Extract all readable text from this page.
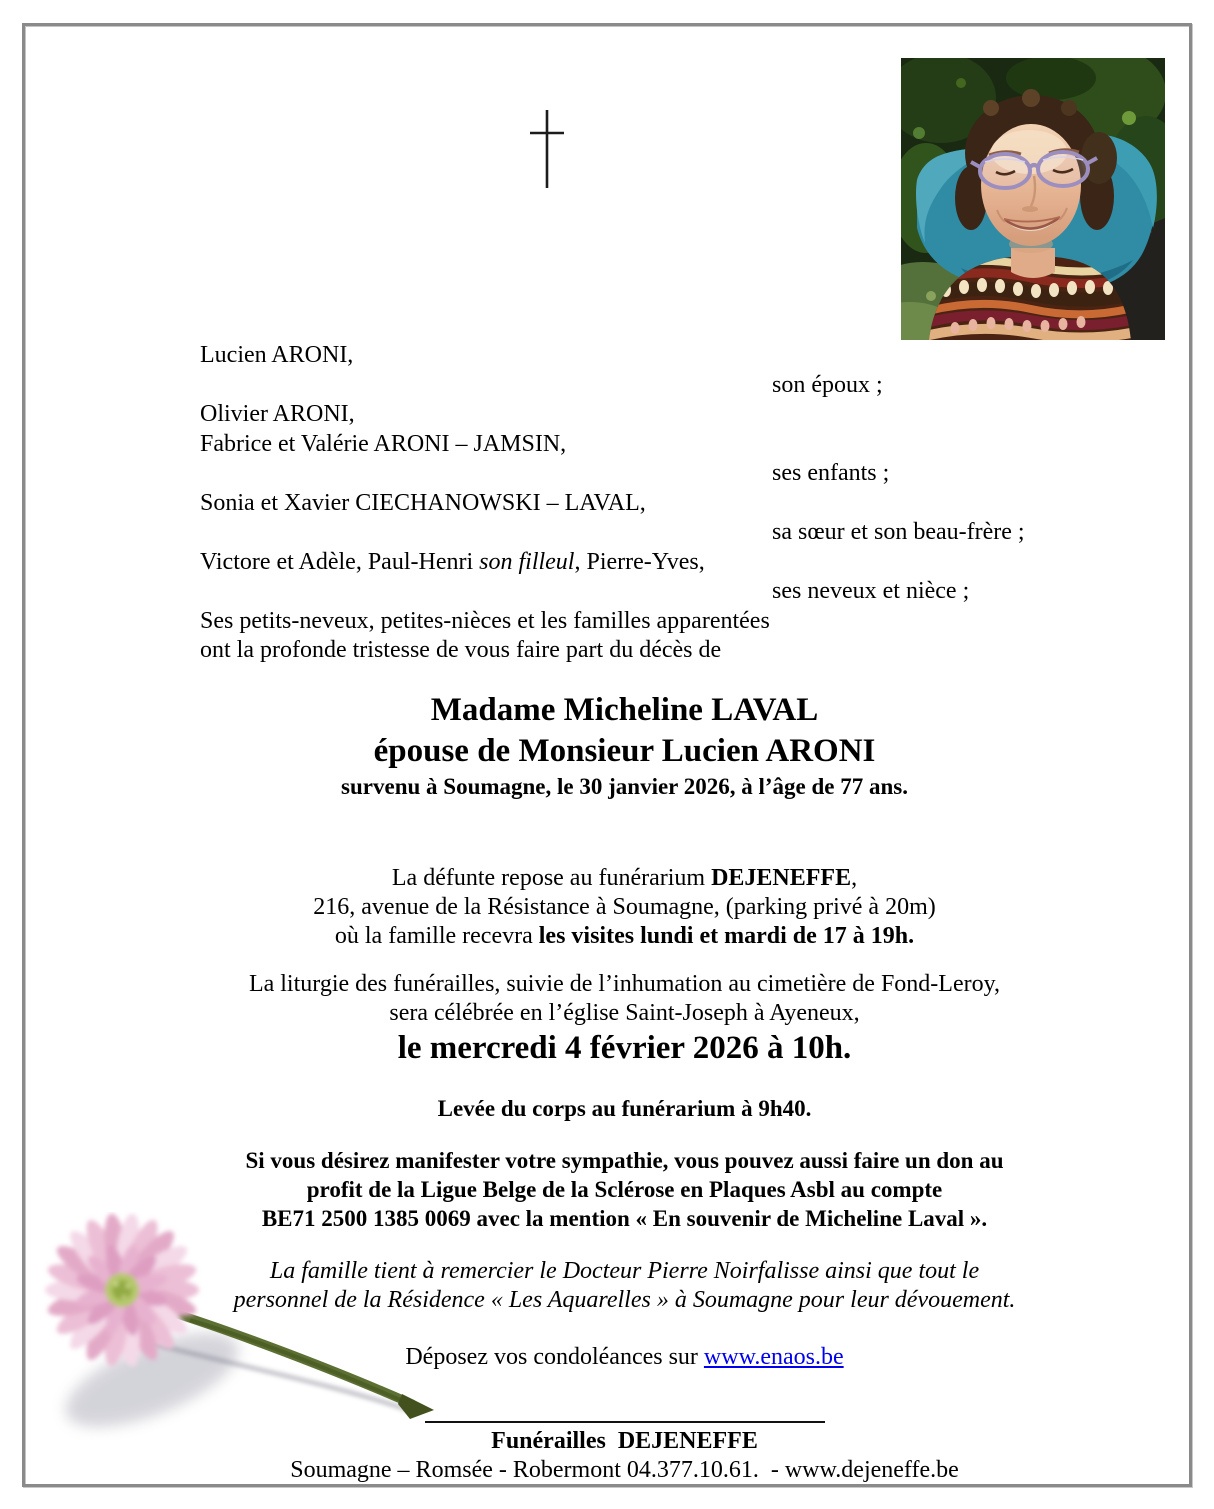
Lucien ARONI,
son époux ;
Olivier ARONI,
Fabrice et Valérie ARONI – JAMSIN,
ses enfants ;
Sonia et Xavier CIECHANOWSKI – LAVAL,
sa sœur et son beau-frère ;
Victore et Adèle, Paul-Henri son filleul, Pierre-Yves,
ses neveux et nièce ;
Ses petits-neveux, petites-nièces et les familles apparentées
ont la profonde tristesse de vous faire part du décès de
Madame Micheline LAVAL
épouse de Monsieur Lucien ARONI
survenu à Soumagne, le 30 janvier 2026, à l’âge de 77 ans.
La défunte repose au funérarium DEJENEFFE,
216, avenue de la Résistance à Soumagne, (parking privé à 20m)
où la famille recevra les visites lundi et mardi de 17 à 19h.
La liturgie des funérailles, suivie de l’inhumation au cimetière de Fond-Leroy,
sera célébrée en l’église Saint-Joseph à Ayeneux,
le mercredi 4 février 2026 à 10h.
Levée du corps au funérarium à 9h40.
Si vous désirez manifester votre sympathie, vous pouvez aussi faire un don au
profit de la Ligue Belge de la Sclérose en Plaques Asbl au compte
BE71 2500 1385 0069 avec la mention « En souvenir de Micheline Laval ».
La famille tient à remercier le Docteur Pierre Noirfalisse ainsi que tout le
personnel de la Résidence « Les Aquarelles » à Soumagne pour leur dévouement.
Déposez vos condoléances sur www.enaos.be
Funérailles  DEJENEFFE
Soumagne – Romsée - Robermont 04.377.10.61.  - www.dejeneffe.be
